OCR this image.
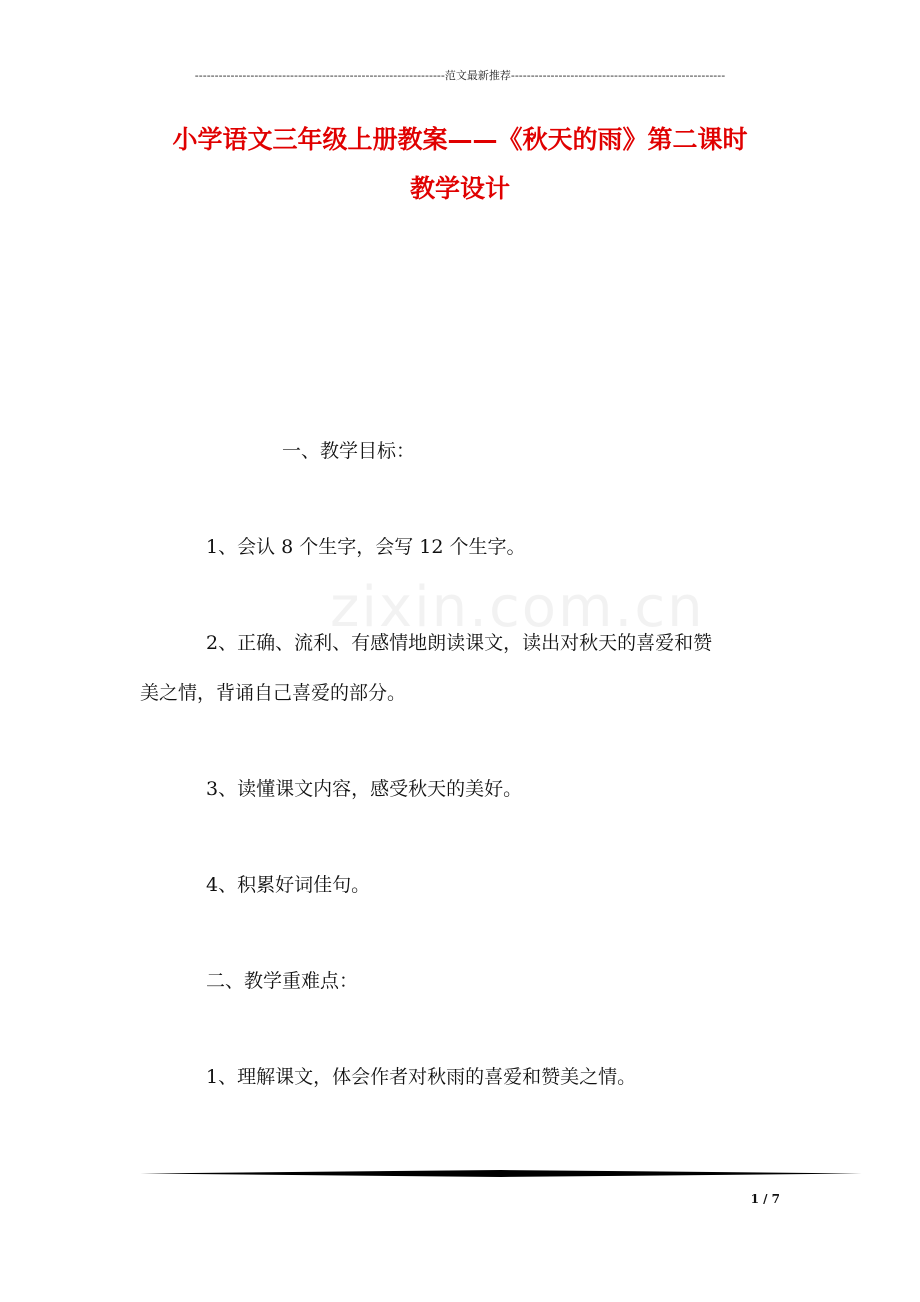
---------------------------------------------------------------范文最新推荐------------------------------------------------------
小学语文三年级上册教案——《秋天的雨》第二课时
教学设计
zixin.com.cn
一、教学目标：
1、会认 8 个生字，会写 12 个生字。
2、正确、流利、有感情地朗读课文，读出对秋天的喜爱和赞
美之情，背诵自己喜爱的部分。
3、读懂课文内容，感受秋天的美好。
4、积累好词佳句。
二、教学重难点：
1、理解课文，体会作者对秋雨的喜爱和赞美之情。
1 / 7
